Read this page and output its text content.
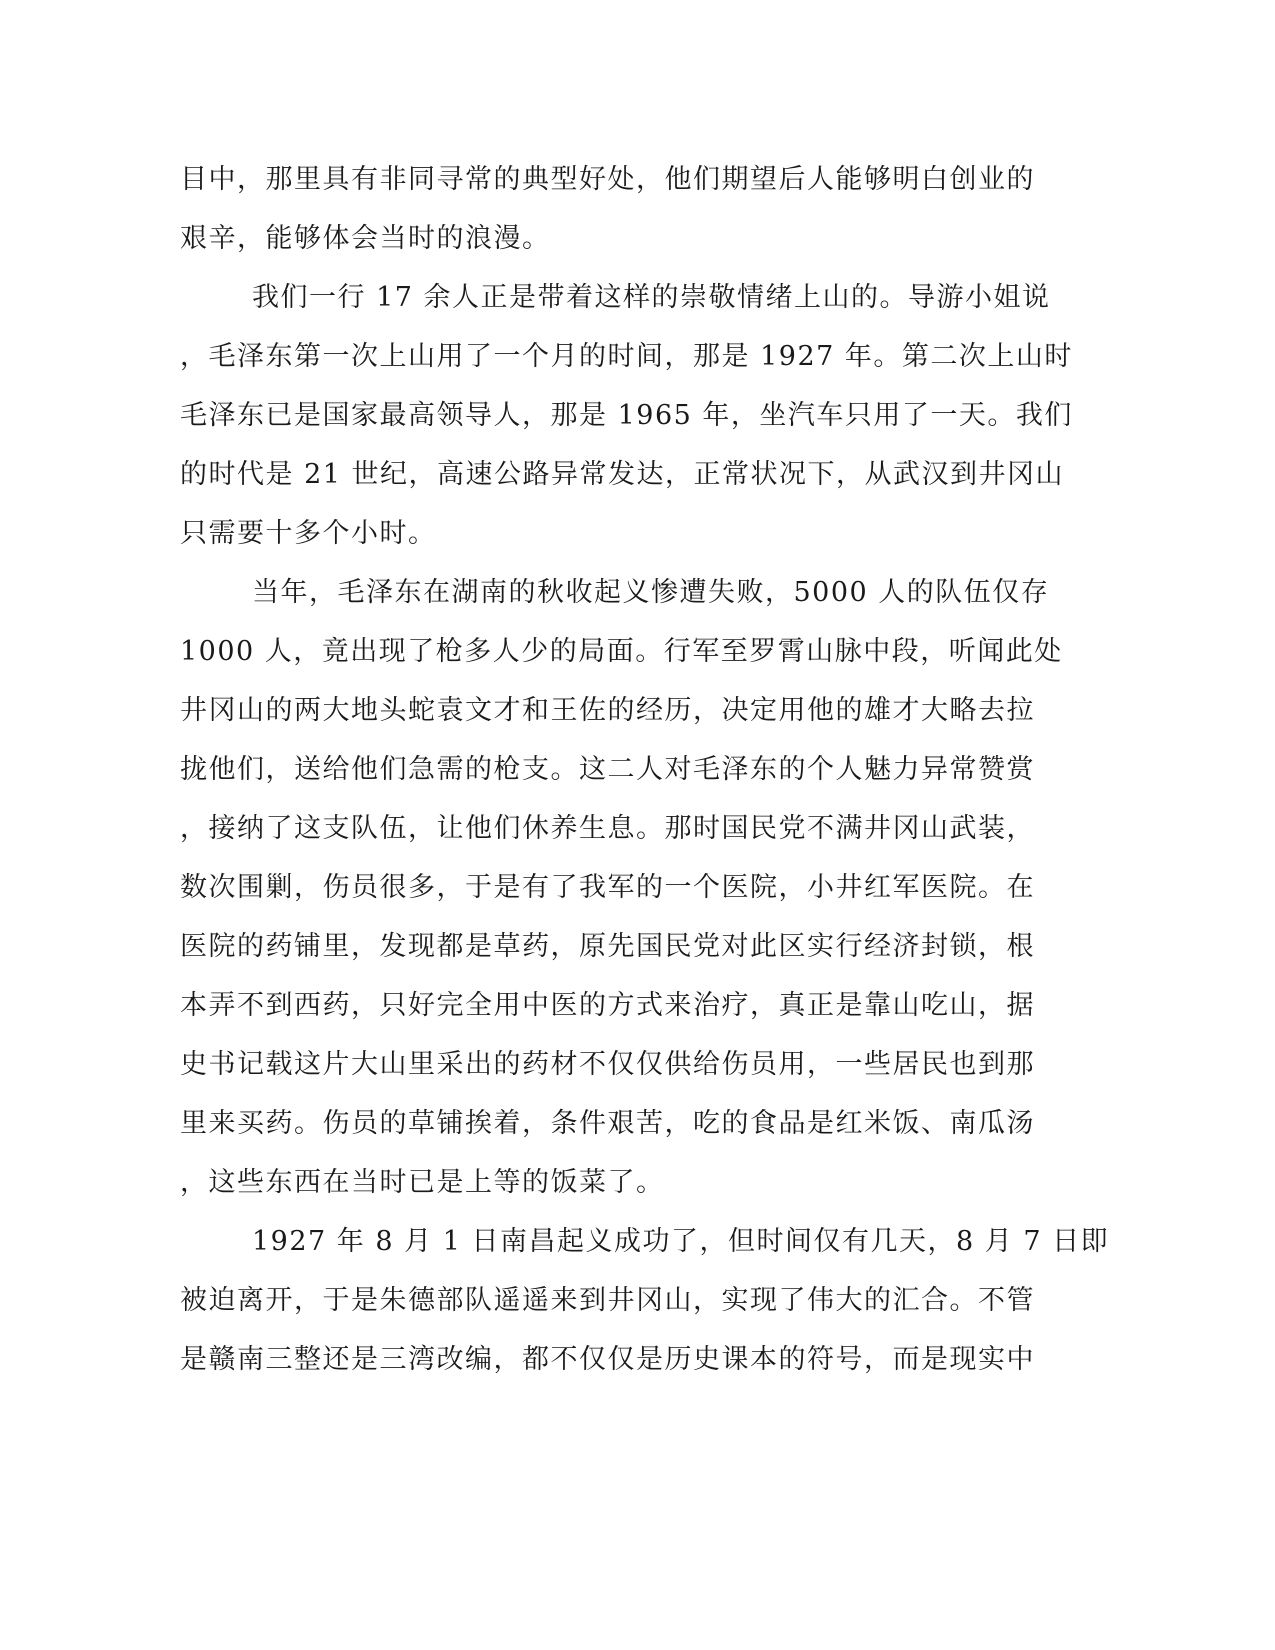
目中，那里具有非同寻常的典型好处，他们期望后人能够明白创业的
艰辛，能够体会当时的浪漫。
我们一行 17 余人正是带着这样的崇敬情绪上山的。导游小姐说
，毛泽东第一次上山用了一个月的时间，那是 1927 年。第二次上山时
毛泽东已是国家最高领导人，那是 1965 年，坐汽车只用了一天。我们
的时代是 21 世纪，高速公路异常发达，正常状况下，从武汉到井冈山
只需要十多个小时。
当年，毛泽东在湖南的秋收起义惨遭失败，5000 人的队伍仅存
1000 人，竟出现了枪多人少的局面。行军至罗霄山脉中段，听闻此处
井冈山的两大地头蛇袁文才和王佐的经历，决定用他的雄才大略去拉
拢他们，送给他们急需的枪支。这二人对毛泽东的个人魅力异常赞赏
，接纳了这支队伍，让他们休养生息。那时国民党不满井冈山武装，
数次围剿，伤员很多，于是有了我军的一个医院，小井红军医院。在
医院的药铺里，发现都是草药，原先国民党对此区实行经济封锁，根
本弄不到西药，只好完全用中医的方式来治疗，真正是靠山吃山，据
史书记载这片大山里采出的药材不仅仅供给伤员用，一些居民也到那
里来买药。伤员的草铺挨着，条件艰苦，吃的食品是红米饭、南瓜汤
，这些东西在当时已是上等的饭菜了。
1927 年 8 月 1 日南昌起义成功了，但时间仅有几天，8 月 7 日即
被迫离开，于是朱德部队遥遥来到井冈山，实现了伟大的汇合。不管
是赣南三整还是三湾改编，都不仅仅是历史课本的符号，而是现实中
